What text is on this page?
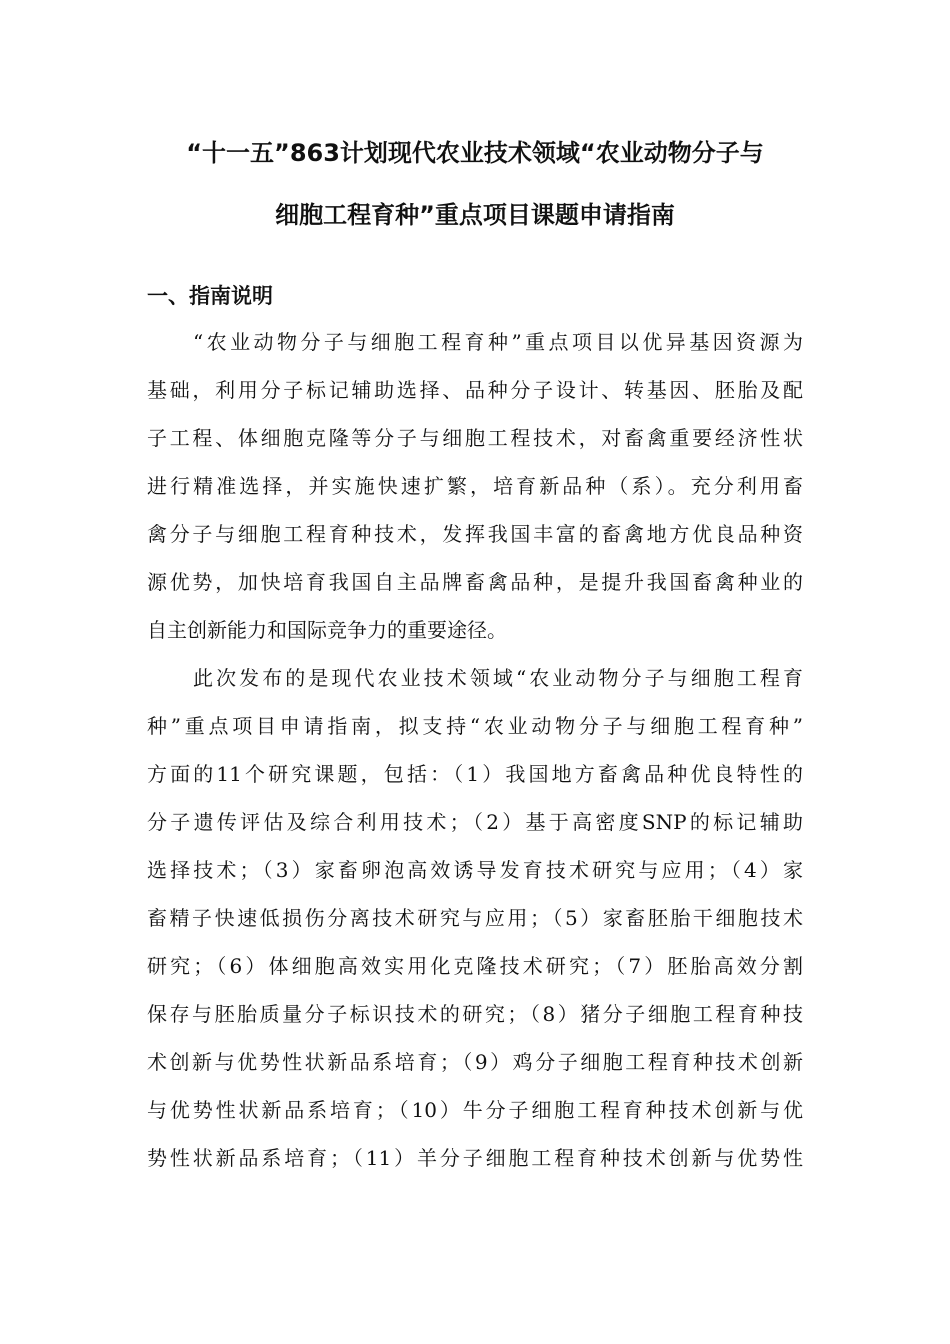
“十一五”863计划现代农业技术领域“农业动物分子与
细胞工程育种”重点项目课题申请指南
一、指南说明
“农业动物分子与细胞工程育种”重点项目以优异基因资源为
基础，利用分子标记辅助选择、品种分子设计、转基因、胚胎及配
子工程、体细胞克隆等分子与细胞工程技术，对畜禽重要经济性状
进行精准选择，并实施快速扩繁，培育新品种（系）。充分利用畜
禽分子与细胞工程育种技术，发挥我国丰富的畜禽地方优良品种资
源优势，加快培育我国自主品牌畜禽品种，是提升我国畜禽种业的
自主创新能力和国际竞争力的重要途径。
此次发布的是现代农业技术领域“农业动物分子与细胞工程育
种”重点项目申请指南，拟支持“农业动物分子与细胞工程育种”
方面的11个研究课题，包括：（1）我国地方畜禽品种优良特性的
分子遗传评估及综合利用技术；（2）基于高密度SNP的标记辅助
选择技术；（3）家畜卵泡高效诱导发育技术研究与应用；（4）家
畜精子快速低损伤分离技术研究与应用；（5）家畜胚胎干细胞技术
研究；（6）体细胞高效实用化克隆技术研究；（7）胚胎高效分割
保存与胚胎质量分子标识技术的研究；（8）猪分子细胞工程育种技
术创新与优势性状新品系培育；（9）鸡分子细胞工程育种技术创新
与优势性状新品系培育；（10）牛分子细胞工程育种技术创新与优
势性状新品系培育；（11）羊分子细胞工程育种技术创新与优势性
